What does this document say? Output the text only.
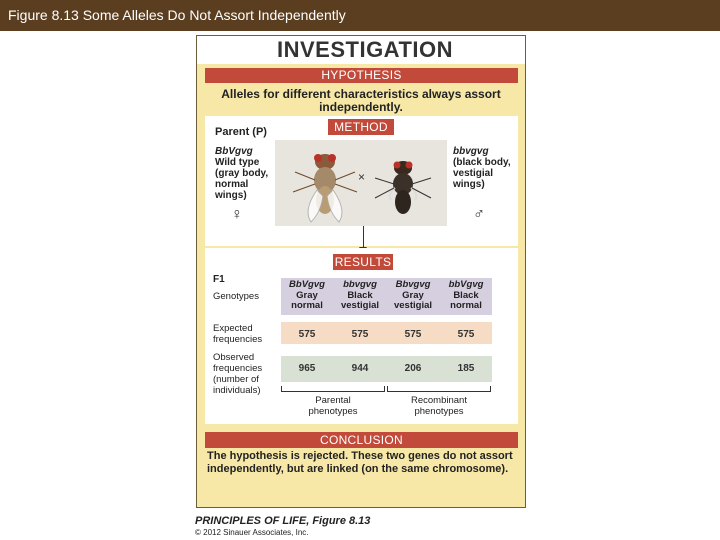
Figure 8.13 Some Alleles Do Not Assort Independently
INVESTIGATION
HYPOTHESIS
Alleles for different characteristics always assort independently.
METHOD
Parent (P)
BbVgvg
Wild type
(gray body,
normal
wings)
♀
bbvgvg
(black body,
vestigial
wings)
♂
×
RESULTS
F1
Genotypes
Expected
frequencies
Observed
frequencies
(number of
individuals)
BbVgvg
Gray
normal
575
965
bbvgvg
Black
vestigial
575
944
Bbvgvg
Gray
vestigial
575
206
bbVgvg
Black
normal
575
185
Parental
phenotypes
Recombinant
phenotypes
CONCLUSION
The hypothesis is rejected. These two genes do not assort independently, but are linked (on the same chromosome).
PRINCIPLES OF LIFE, Figure 8.13
© 2012 Sinauer Associates, Inc.
